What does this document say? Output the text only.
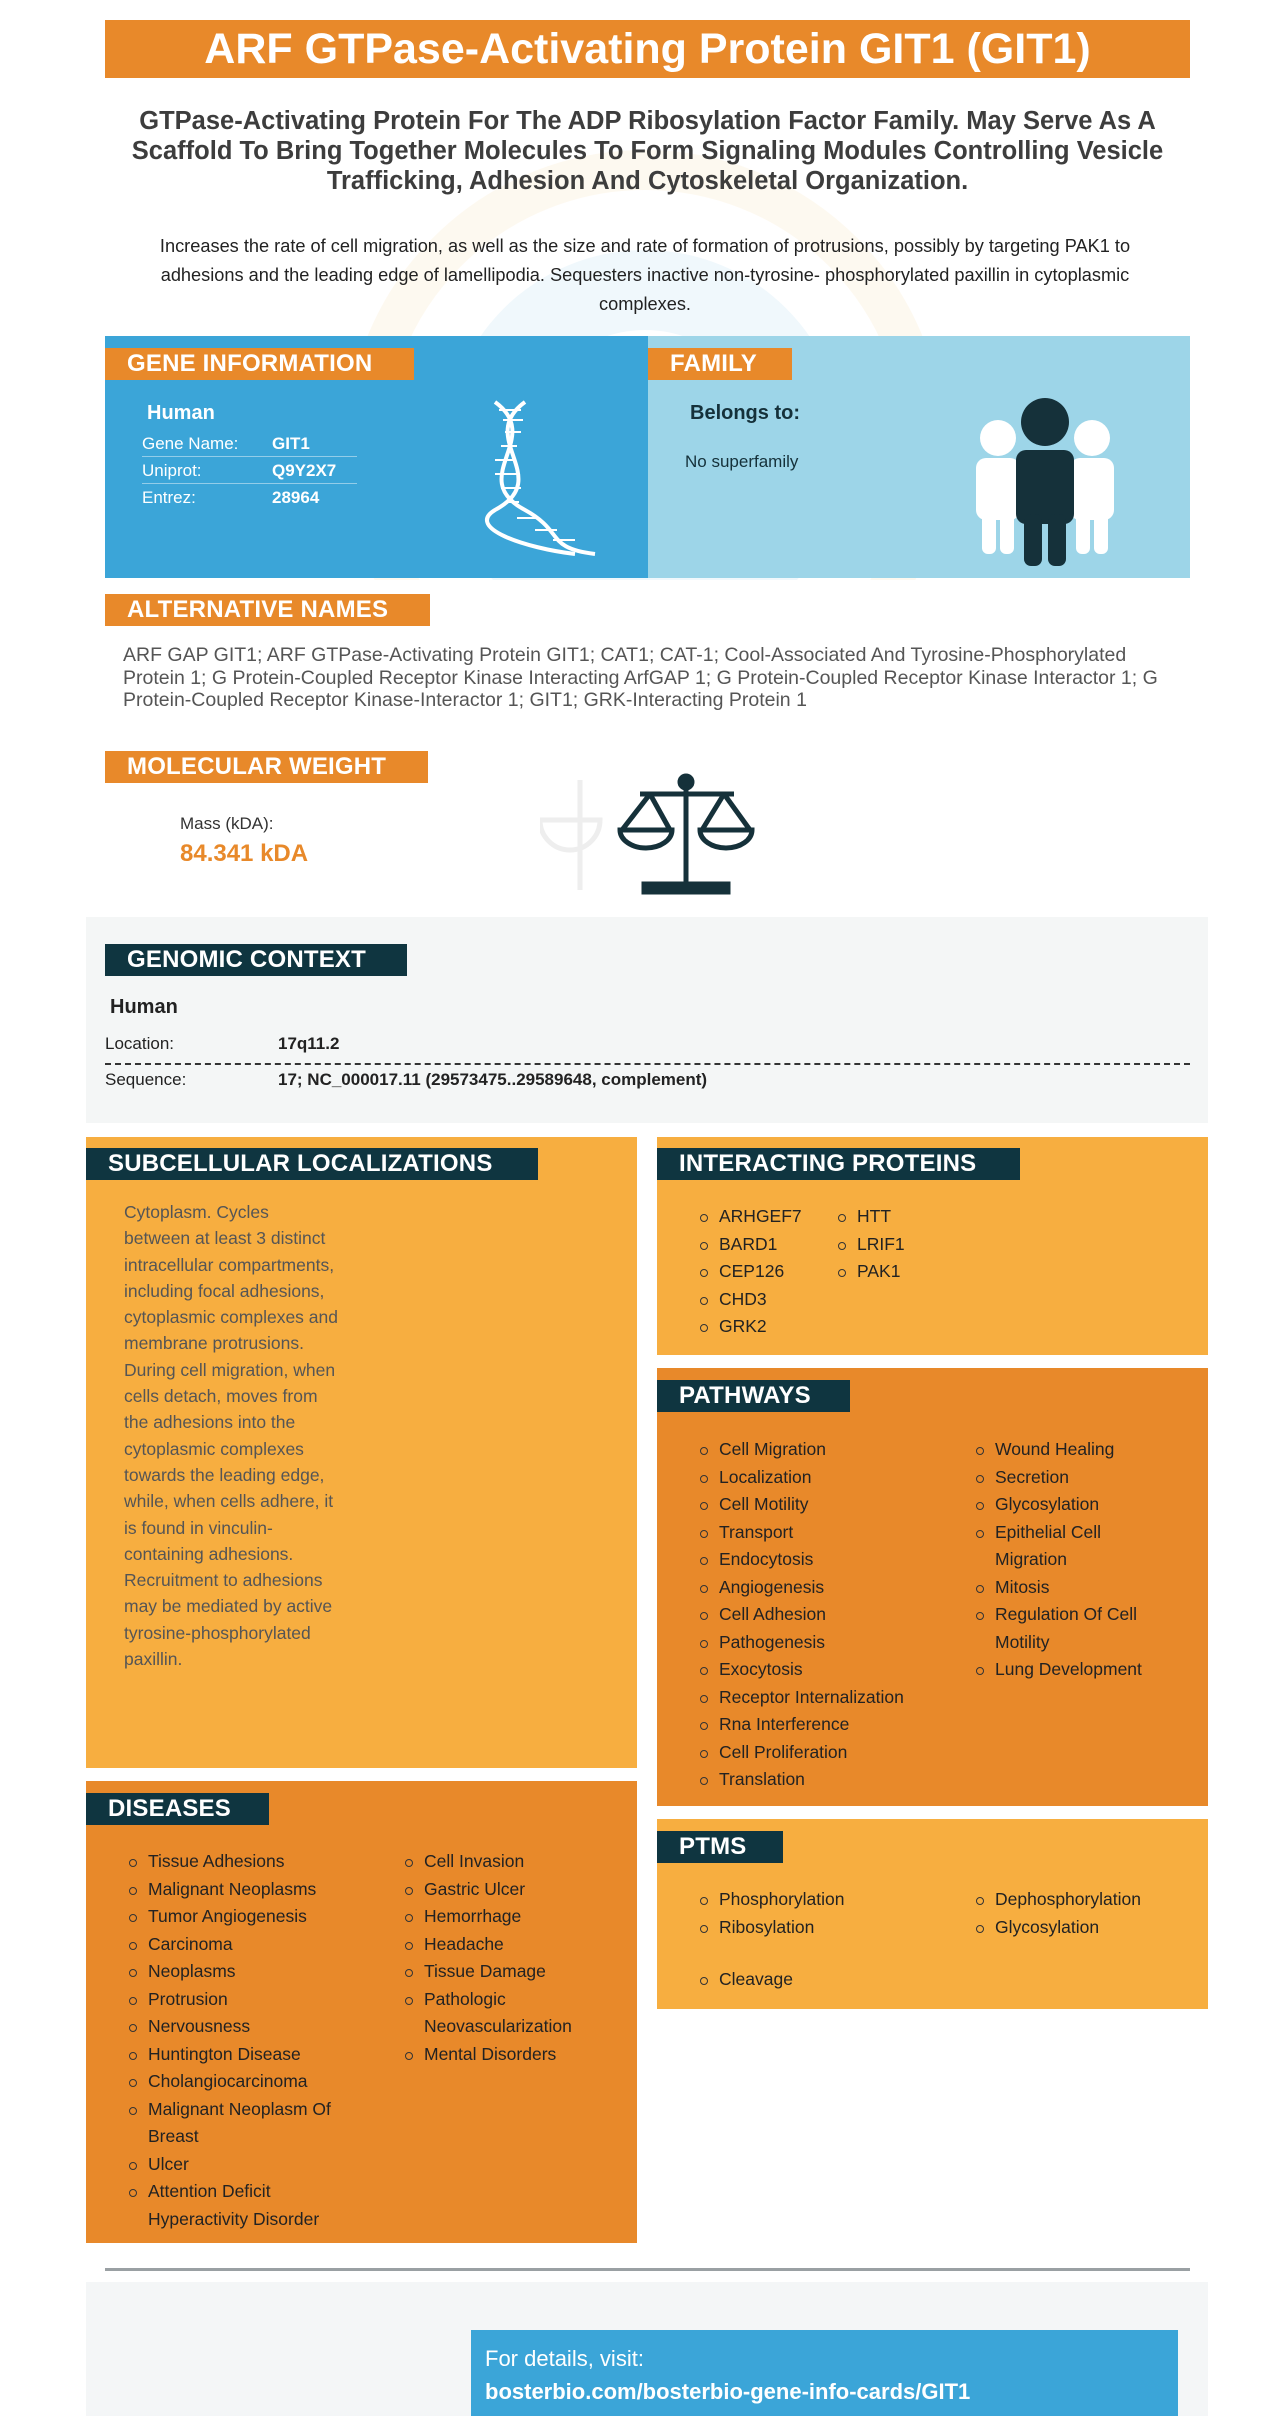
ARF GTPase-Activating Protein GIT1 (GIT1)
GTPase-Activating Protein For The ADP Ribosylation Factor Family. May Serve As A Scaffold To Bring Together Molecules To Form Signaling Modules Controlling Vesicle Trafficking, Adhesion And Cytoskeletal Organization.
Increases the rate of cell migration, as well as the size and rate of formation of protrusions, possibly by targeting PAK1 to adhesions and the leading edge of lamellipodia. Sequesters inactive non-tyrosine- phosphorylated paxillin in cytoplasmic complexes.
GENE INFORMATION
Human
Gene Name: GIT1
Uniprot:	Q9Y2X7
Entrez:	28964
FAMILY
Belongs to:
No superfamily
ALTERNATIVE NAMES
ARF GAP GIT1; ARF GTPase-Activating Protein GIT1; CAT1; CAT-1; Cool-Associated And Tyrosine-Phosphorylated Protein 1; G Protein-Coupled Receptor Kinase Interacting ArfGAP 1; G Protein-Coupled Receptor Kinase Interactor 1; G Protein-Coupled Receptor Kinase-Interactor 1; GIT1; GRK-Interacting Protein 1
MOLECULAR WEIGHT
Mass (kDA):
84.341 kDA
GENOMIC CONTEXT
Human
Location:	17q11.2
Sequence:	17; NC_000017.11 (29573475..29589648, complement)
SUBCELLULAR LOCALIZATIONS
Cytoplasm. Cycles between at least 3 distinct intracellular compartments, including focal adhesions, cytoplasmic complexes and membrane protrusions. During cell migration, when cells detach, moves from the adhesions into the cytoplasmic complexes towards the leading edge, while, when cells adhere, it is found in vinculin-containing adhesions. Recruitment to adhesions may be mediated by active tyrosine-phosphorylated paxillin.
INTERACTING PROTEINS
ARHGEF7
BARD1
CEP126
CHD3
GRK2
HTT
LRIF1
PAK1
PATHWAYS
Cell Migration
Localization
Cell Motility
Transport
Endocytosis
Angiogenesis
Cell Adhesion
Pathogenesis
Exocytosis
Receptor Internalization
Rna Interference
Cell Proliferation
Translation
Wound Healing
Secretion
Glycosylation
Epithelial Cell Migration
Mitosis
Regulation Of Cell Motility
Lung Development
DISEASES
Tissue Adhesions
Malignant Neoplasms
Tumor Angiogenesis
Carcinoma
Neoplasms
Protrusion
Nervousness
Huntington Disease
Cholangiocarcinoma
Malignant Neoplasm Of Breast
Ulcer
Attention Deficit Hyperactivity Disorder
Cell Invasion
Gastric Ulcer
Hemorrhage
Headache
Tissue Damage
Pathologic Neovascularization
Mental Disorders
PTMS
Phosphorylation
Ribosylation
Dephosphorylation
Glycosylation
Cleavage
For details, visit:
bosterbio.com/bosterbio-gene-info-cards/GIT1
